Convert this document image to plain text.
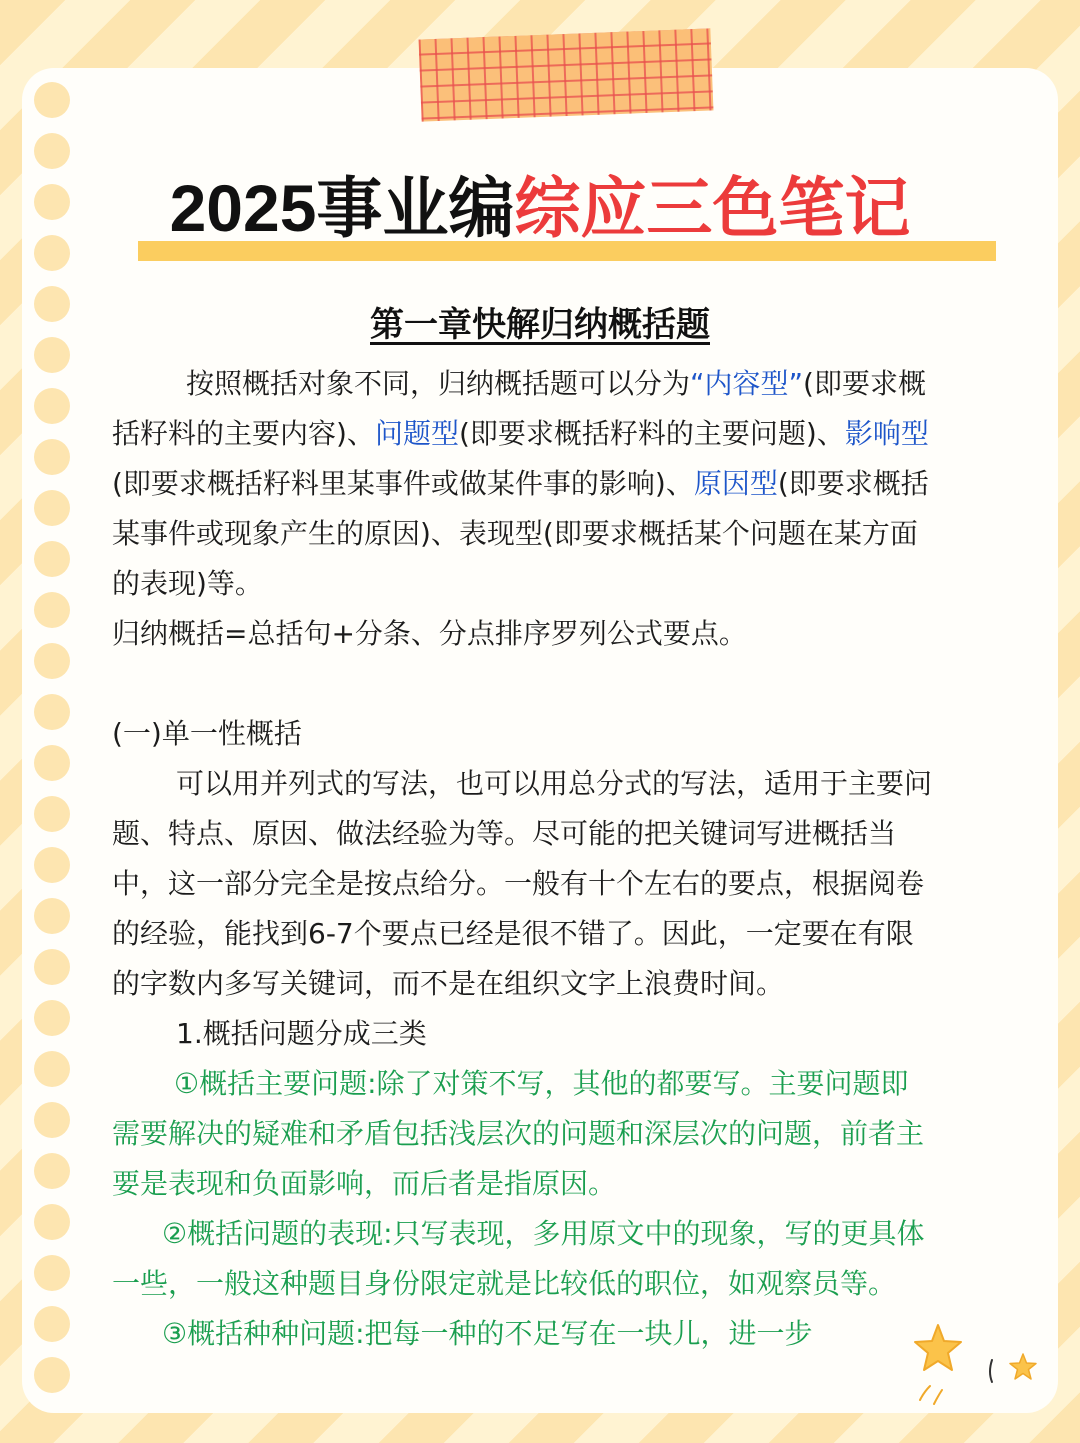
2025事业编综应三色笔记
第一章快解归纳概括题
按照概括对象不同，归纳概括题可以分为“内容型”(即要求概
括籽料的主要内容)、问题型(即要求概括籽料的主要问题)、影响型
(即要求概括籽料里某事件或做某件事的影响)、原因型(即要求概括
某事件或现象产生的原因)、表现型(即要求概括某个问题在某方面
的表现)等。
归纳概括=总括句+分条、分点排序罗列公式要点。
(一)单一性概括
可以用并列式的写法，也可以用总分式的写法，适用于主要问
题、特点、原因、做法经验为等。尽可能的把关键词写进概括当
中，这一部分完全是按点给分。一般有十个左右的要点，根据阅卷
的经验，能找到6-7个要点已经是很不错了。因此，一定要在有限
的字数内多写关键词，而不是在组织文字上浪费时间。
1.概括问题分成三类
①概括主要问题:除了对策不写，其他的都要写。主要问题即
需要解决的疑难和矛盾包括浅层次的问题和深层次的问题，前者主
要是表现和负面影响，而后者是指原因。
②概括问题的表现:只写表现，多用原文中的现象，写的更具体
一些，一般这种题目身份限定就是比较低的职位，如观察员等。
③概括种种问题:把每一种的不足写在一块儿，进一步
